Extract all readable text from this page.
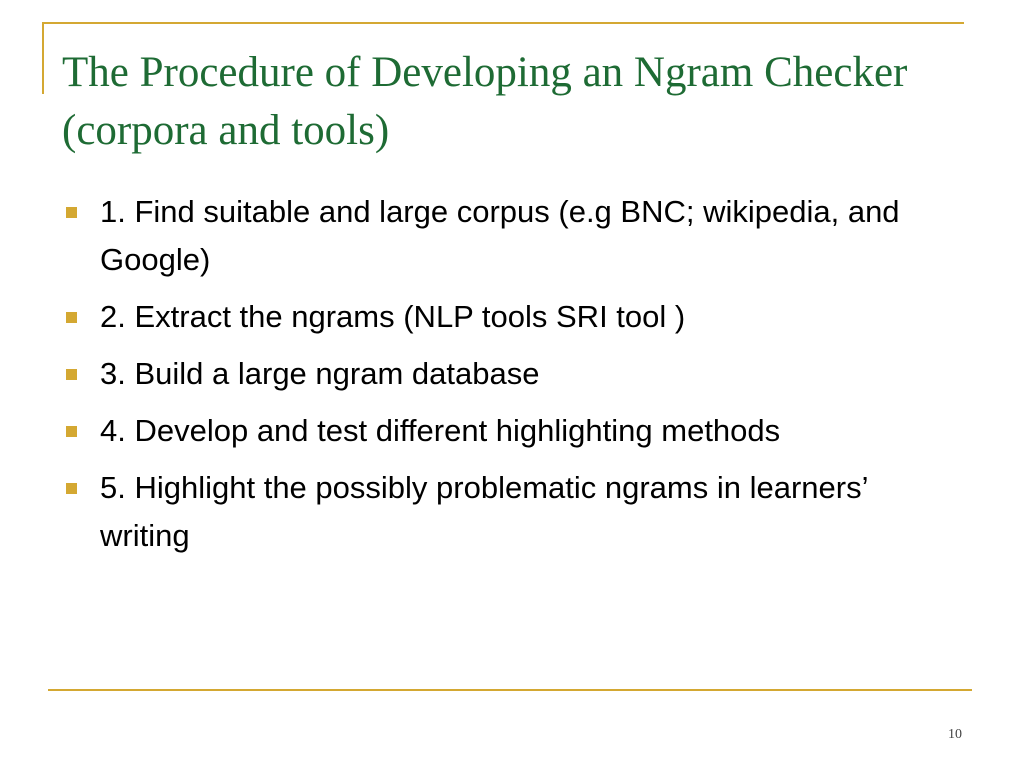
The Procedure of Developing an Ngram Checker (corpora and tools)
1. Find suitable and large corpus (e.g BNC; wikipedia, and Google)
2. Extract the ngrams (NLP tools SRI tool )
3. Build a large ngram database
4. Develop and test different highlighting methods
5. Highlight the possibly problematic ngrams in learners’ writing
10
